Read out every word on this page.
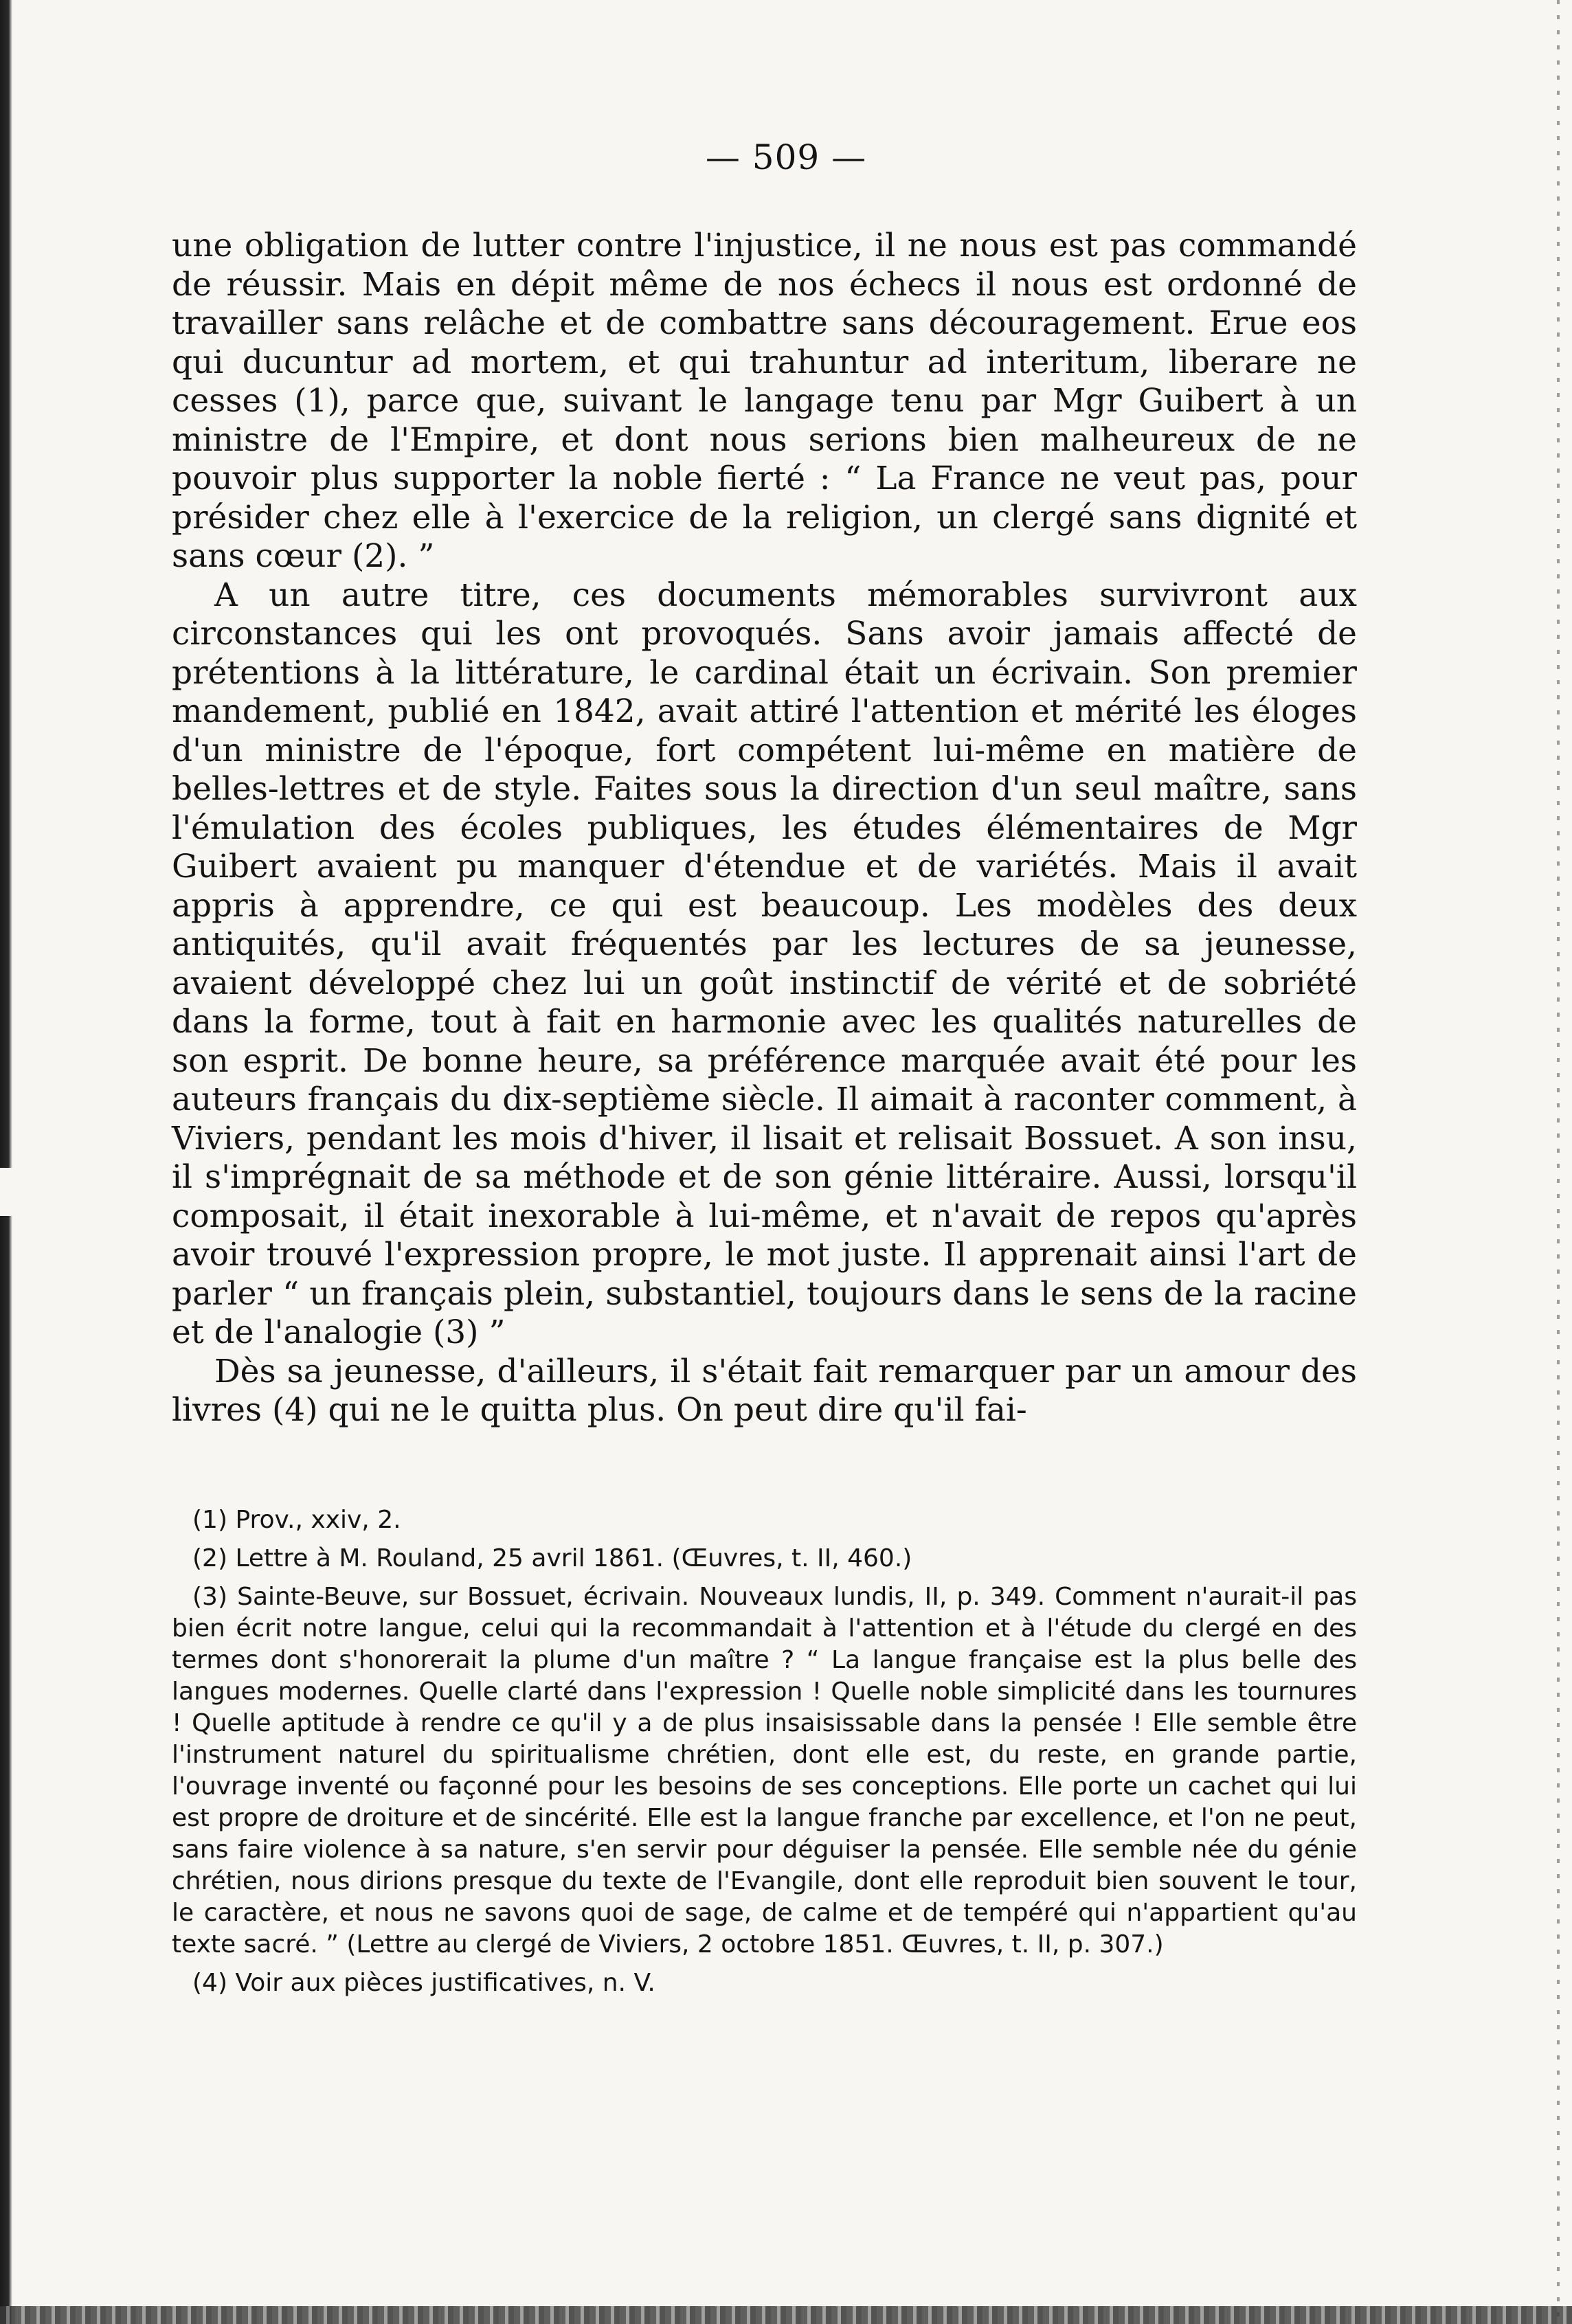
— 509 —

une obligation de lutter contre l'injustice, il ne nous est pas commandé de réussir. Mais en dépit même de nos échecs il nous est ordonné de travailler sans relâche et de combattre sans découragement. Erue eos qui ducuntur ad mortem, et qui trahuntur ad interitum, liberare ne cesses (1), parce que, suivant le langage tenu par Mgr Guibert à un ministre de l'Empire, et dont nous serions bien malheureux de ne pouvoir plus supporter la noble fierté : “ La France ne veut pas, pour présider chez elle à l'exercice de la religion, un clergé sans dignité et sans cœur (2). ”

A un autre titre, ces documents mémorables survivront aux circonstances qui les ont provoqués. Sans avoir jamais affecté de prétentions à la littérature, le cardinal était un écrivain. Son premier mandement, publié en 1842, avait attiré l'attention et mérité les éloges d'un ministre de l'époque, fort compétent lui-même en matière de belles-lettres et de style. Faites sous la direction d'un seul maître, sans l'émulation des écoles publiques, les études élémentaires de Mgr Guibert avaient pu manquer d'étendue et de variétés. Mais il avait appris à apprendre, ce qui est beaucoup. Les modèles des deux antiquités, qu'il avait fréquentés par les lectures de sa jeunesse, avaient développé chez lui un goût instinctif de vérité et de sobriété dans la forme, tout à fait en harmonie avec les qualités naturelles de son esprit. De bonne heure, sa préférence marquée avait été pour les auteurs français du dix-septième siècle. Il aimait à raconter comment, à Viviers, pendant les mois d'hiver, il lisait et relisait Bossuet. A son insu, il s'imprégnait de sa méthode et de son génie littéraire. Aussi, lorsqu'il composait, il était inexorable à lui-même, et n'avait de repos qu'après avoir trouvé l'expression propre, le mot juste. Il apprenait ainsi l'art de parler “ un français plein, substantiel, toujours dans le sens de la racine et de l'analogie (3) ”

Dès sa jeunesse, d'ailleurs, il s'était fait remarquer par un amour des livres (4) qui ne le quitta plus. On peut dire qu'il fai-

(1) Prov., xxiv, 2.

(2) Lettre à M. Rouland, 25 avril 1861. (Œuvres, t. II, 460.)

(3) Sainte-Beuve, sur Bossuet, écrivain. Nouveaux lundis, II, p. 349. Comment n'aurait-il pas bien écrit notre langue, celui qui la recommandait à l'attention et à l'étude du clergé en des termes dont s'honorerait la plume d'un maître ? “ La langue française est la plus belle des langues modernes. Quelle clarté dans l'expression ! Quelle noble simplicité dans les tournures ! Quelle aptitude à rendre ce qu'il y a de plus insaisissable dans la pensée ! Elle semble être l'instrument naturel du spiritualisme chrétien, dont elle est, du reste, en grande partie, l'ouvrage inventé ou façonné pour les besoins de ses conceptions. Elle porte un cachet qui lui est propre de droiture et de sincérité. Elle est la langue franche par excellence, et l'on ne peut, sans faire violence à sa nature, s'en servir pour déguiser la pensée. Elle semble née du génie chrétien, nous dirions presque du texte de l'Evangile, dont elle reproduit bien souvent le tour, le caractère, et nous ne savons quoi de sage, de calme et de tempéré qui n'appartient qu'au texte sacré. ” (Lettre au clergé de Viviers, 2 octobre 1851. Œuvres, t. II, p. 307.)

(4) Voir aux pièces justificatives, n. V.
